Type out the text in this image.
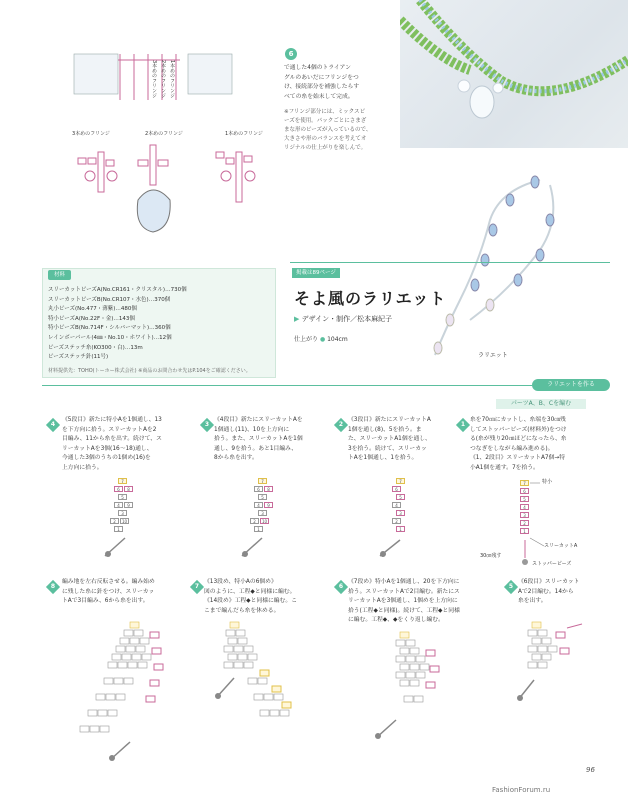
3本めのフリンジ	2本めのフリンジ	1本めのフリンジ
3本めのフリンジ 2本めのフリンジ 1本めのフリンジ
6
で通した4個のトライアン
グルのあいだにフリンジをつ
け、接続部分を補強したらす
べての糸を始末して完成。
※フリンジ部分には、ミックスビ
ーズを使用。パックごとにさまざ
まな形のビーズが入っているので、
大きさや形のバランスを考えてオ
リジナルの仕上がりを楽しんで。
ラリエット
材料
スリーカットビーズA(No.CR161・クリスタル)…730個
スリーカットビーズB(No.CR107・水色)…370個
丸小ビーズ(No.477・薄紫)…480個
特小ビーズA(No.22F・金)…143個
特小ビーズB(No.714F・シルバーマット)…360個
レインボーパール(4㎜・No.10・ホワイト)…12個
ビーズステッチ糸(KO300・白)…13m
ビーズステッチ針(11号)
材料提供先：TOHO(トーホー株式会社) ※商品のお問合わせ先はP.104をご確認ください。
掲載は89ページ
そよ風のラリエット
▶ デザイン・制作／松本麻紀子
仕上がり ● 104cm
ラリエットを作る
パーツA、B、Cを編む
4
《5段目》新たに特小Aを1個通し、13
を下方向に拾う。スリーカットAを2
目編み、11から糸を出す。続けて、ス
リーカットAを3個(16〜18)通し、
今通した3個のうちの1個め(16)を
上方向に拾う。
3
《4段目》新たにスリーカットAを
1個通し(11)、10を上方向に
拾う。また、スリーカットAを1個
通し、9を拾う。あと1目編み、
8から糸を出す。
2
《3段目》新たにスリーカットA
1個を通し(8)、5を拾う。ま
た、スリーカットA1個を通し、
3を拾う。続けて、スリーカッ
トAを1個通し、1を拾う。
1
糸を70㎝にカットし、糸端を30㎝残
してストッパービーズ(材料外)をつけ
る(糸が残り20㎝ほどになったら、糸
つなぎをしながら編み進める)。
《1、2段目》スリーカットA7個→特
小A1個を通す。7を拾う。
7
6	8
5
4	9
3
2	10
1
7
6	8
5
4	9
3
2	10
1
7
6
5
4
3
2
1
7
6
5
4
3
2
1
特小
スリーカットA
ストッパービーズ
30㎝残す
8
編み地を左右反転させる。編み始め
に残した糸に針をつけ、スリーカッ
トAで3目編み、6から糸を出す。
7
《13段め、特小Aの6個め》
図のように、工程◆と同様に編む。
《14段め》工程◆と同様に編む。こ
こまで編んだら糸を休める。
6
《7段め》特小Aを1個通し、20を下方向に
拾う。スリーカットAで2目編む。新たにス
リーカットAを3個通し、1個めを上方向に
拾う(工程◆と同様)。続けて、工程◆と同様
に編む。工程◆、◆をくり返し編む。
5
《6段目》スリーカット
Aで2目編む。14から
糸を出す。
96
FashionForum.ru
